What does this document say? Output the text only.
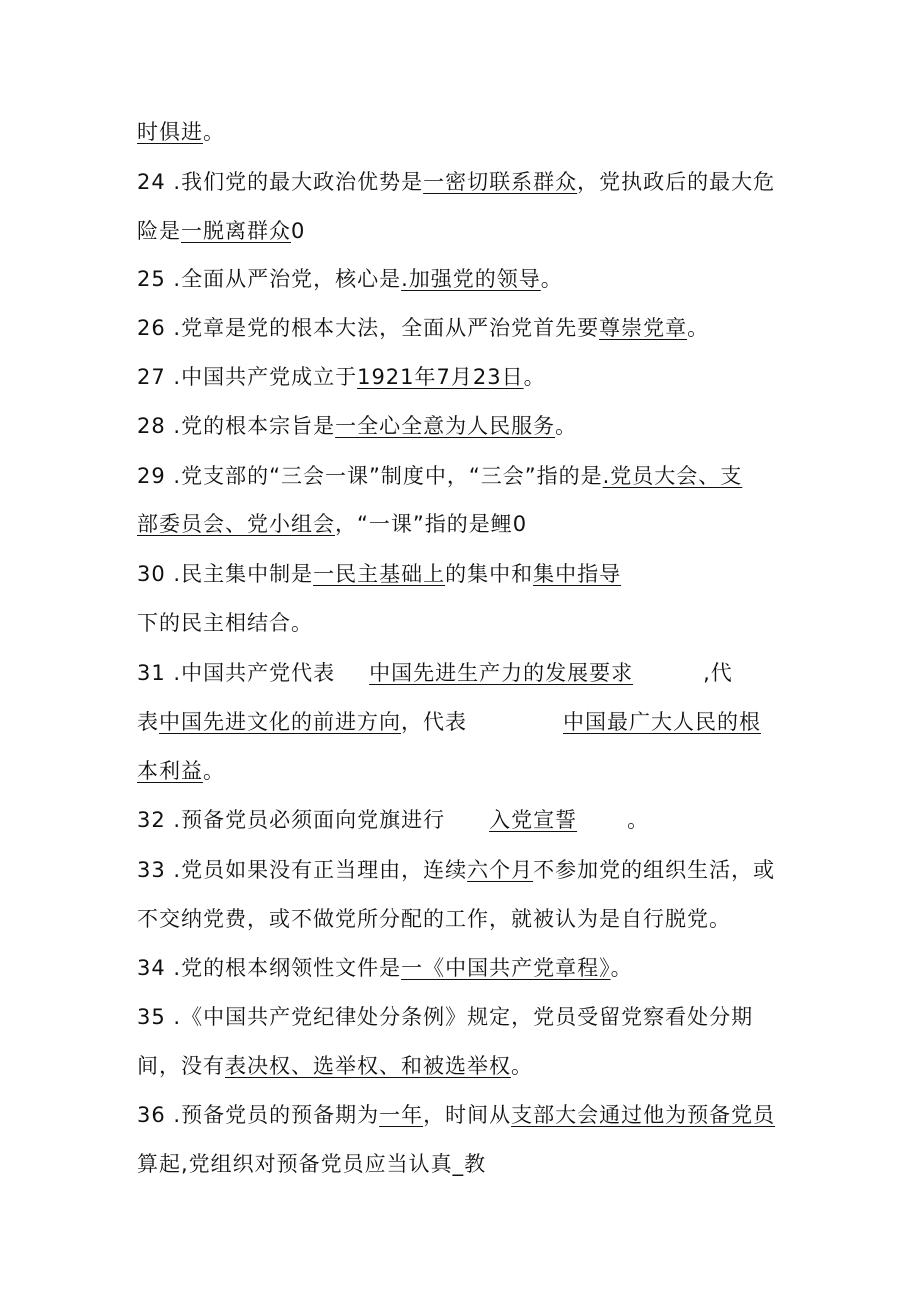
时俱进。
24 .我们党的最大政治优势是一密切联系群众，党执政后的最大危
险是一脱离群众0
25 .全面从严治党，核心是.加强党的领导。
26 .党章是党的根本大法，全面从严治党首先要尊崇党章。
27 .中国共产党成立于1921年7月23日。
28 .党的根本宗旨是一全心全意为人民服务。
29 .党支部的“三会一课”制度中，“三会”指的是.党员大会、支
部委员会、党小组会，“一课”指的是鲤0
30 .民主集中制是一民主基础上的集中和集中指导
下的民主相结合。
31 .中国共产党代表 中国先进生产力的发展要求	,代
表中国先进文化的前进方向，代表	中国最广大人民的根
本利益。
32 .预备党员必须面向党旗进行 入党宣誓 。
33 .党员如果没有正当理由，连续六个月不参加党的组织生活，或
不交纳党费，或不做党所分配的工作，就被认为是自行脱党。
34 .党的根本纲领性文件是一《中国共产党章程》。
35 .《中国共产党纪律处分条例》规定，党员受留党察看处分期
间，没有表决权、选举权、和被选举权。
36 .预备党员的预备期为一年，时间从支部大会通过他为预备党员
算起,党组织对预备党员应当认真_教
